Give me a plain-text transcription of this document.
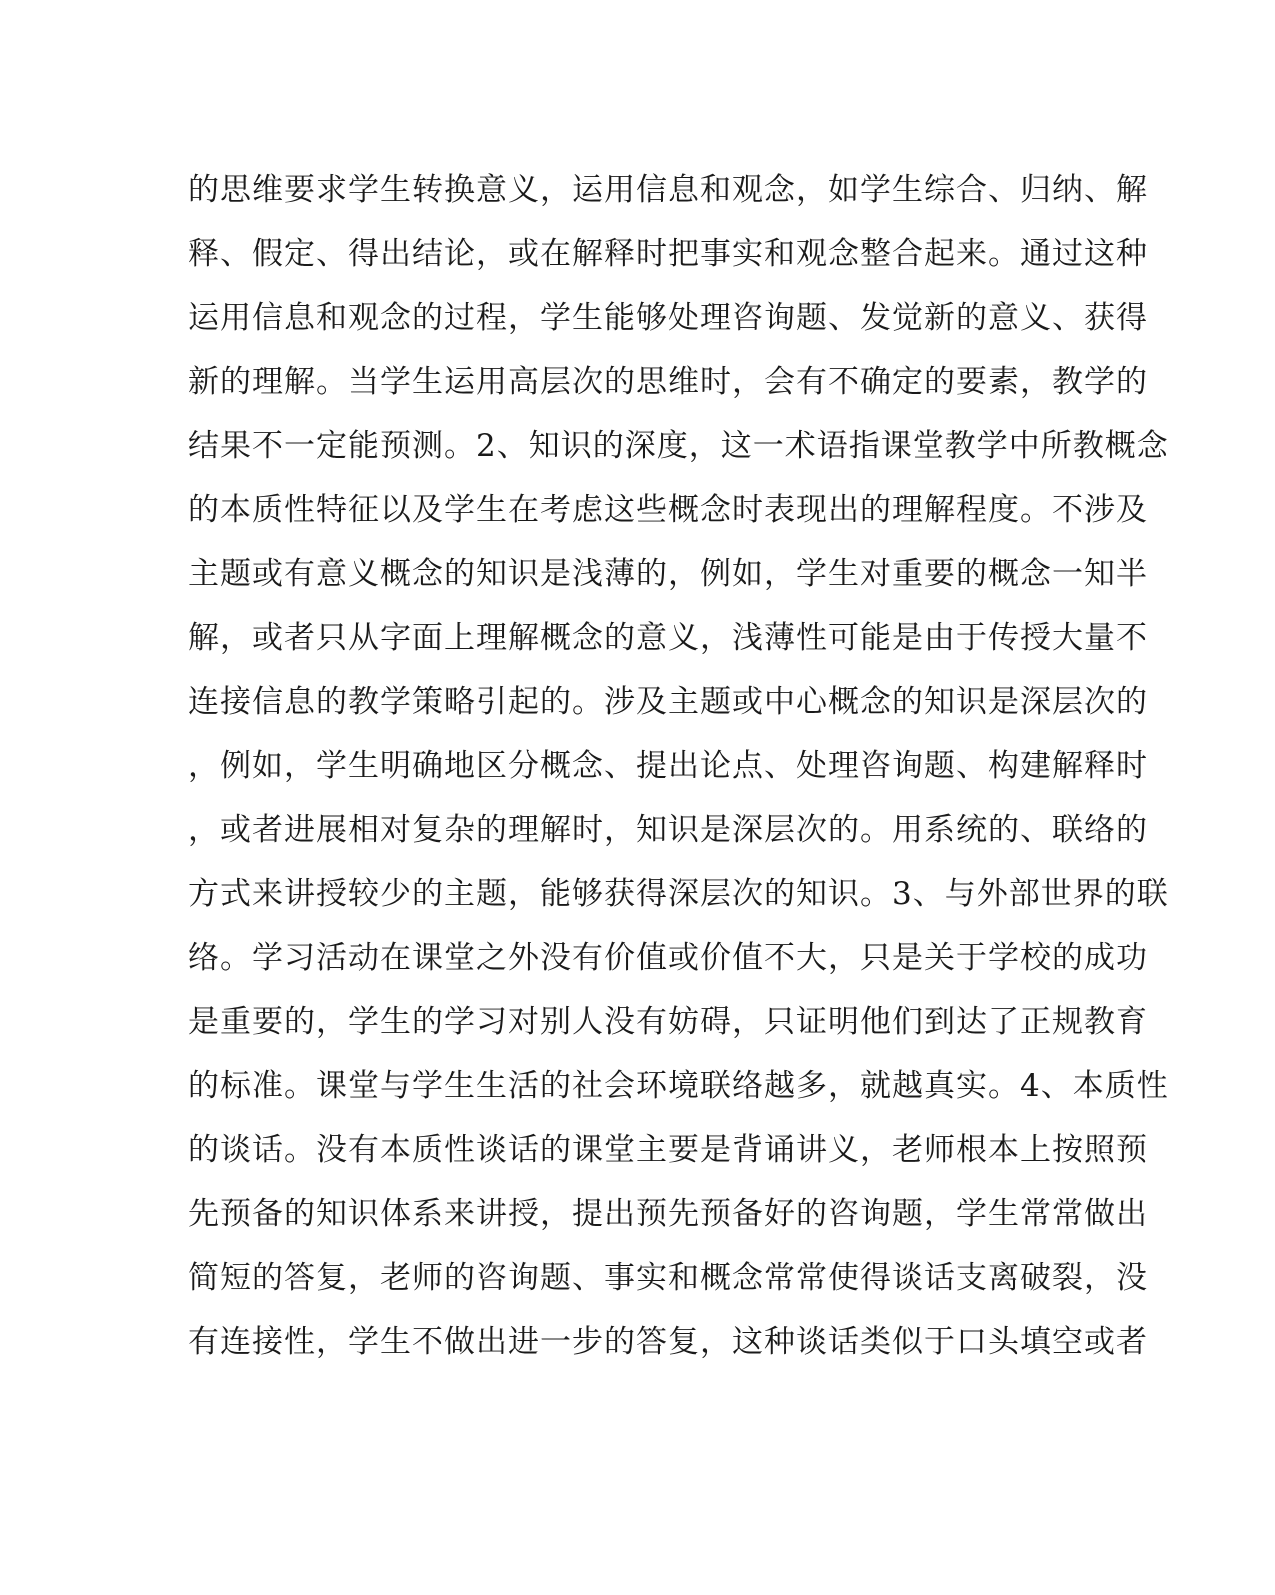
的思维要求学生转换意义，运用信息和观念，如学生综合、归纳、解
释、假定、得出结论，或在解释时把事实和观念整合起来。通过这种
运用信息和观念的过程，学生能够处理咨询题、发觉新的意义、获得
新的理解。当学生运用高层次的思维时，会有不确定的要素，教学的
结果不一定能预测。2、知识的深度，这一术语指课堂教学中所教概念
的本质性特征以及学生在考虑这些概念时表现出的理解程度。不涉及
主题或有意义概念的知识是浅薄的，例如，学生对重要的概念一知半
解，或者只从字面上理解概念的意义，浅薄性可能是由于传授大量不
连接信息的教学策略引起的。涉及主题或中心概念的知识是深层次的
，例如，学生明确地区分概念、提出论点、处理咨询题、构建解释时
，或者进展相对复杂的理解时，知识是深层次的。用系统的、联络的
方式来讲授较少的主题，能够获得深层次的知识。3、与外部世界的联
络。学习活动在课堂之外没有价值或价值不大，只是关于学校的成功
是重要的，学生的学习对别人没有妨碍，只证明他们到达了正规教育
的标准。课堂与学生生活的社会环境联络越多，就越真实。4、本质性
的谈话。没有本质性谈话的课堂主要是背诵讲义，老师根本上按照预
先预备的知识体系来讲授，提出预先预备好的咨询题，学生常常做出
简短的答复，老师的咨询题、事实和概念常常使得谈话支离破裂，没
有连接性，学生不做出进一步的答复，这种谈话类似于口头填空或者
